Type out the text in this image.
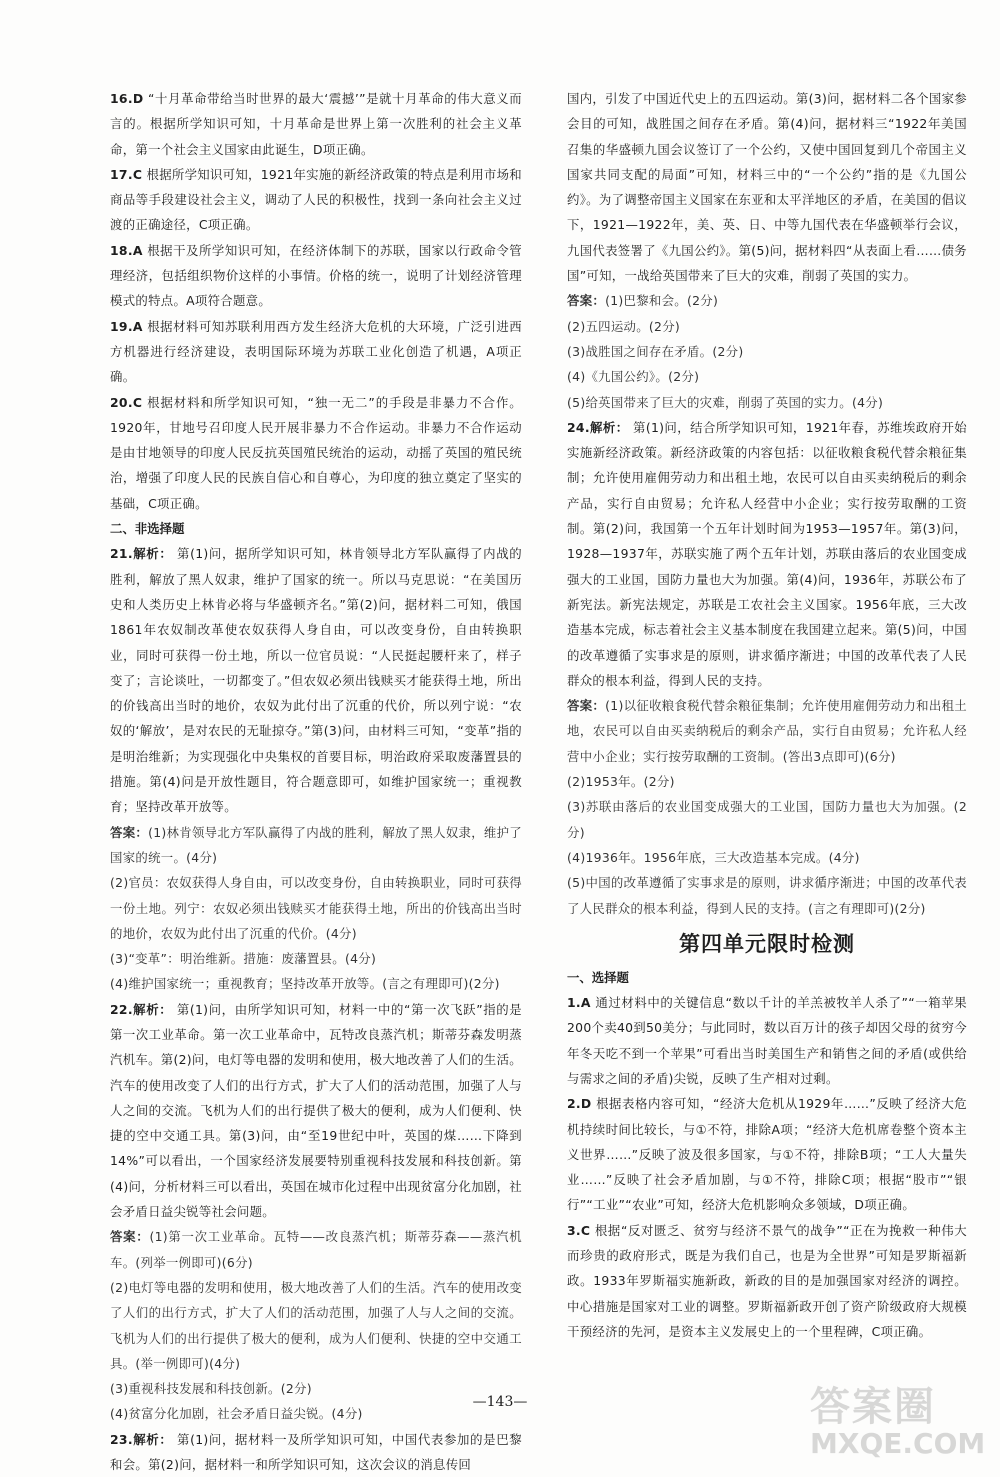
16.D “十月革命带给当时世界的最大‘震撼’”是就十月革命的伟大意义而言的。根据所学知识可知，十月革命是世界上第一次胜利的社会主义革命，第一个社会主义国家由此诞生，D项正确。

17.C 根据所学知识可知，1921年实施的新经济政策的特点是利用市场和商品等手段建设社会主义，调动了人民的积极性，找到一条向社会主义过渡的正确途径，C项正确。

18.A 根据干及所学知识可知，在经济体制下的苏联，国家以行政命令管理经济，包括组织物价这样的小事情。价格的统一，说明了计划经济管理模式的特点。A项符合题意。

19.A 根据材料可知苏联利用西方发生经济大危机的大环境，广泛引进西方机器进行经济建设，表明国际环境为苏联工业化创造了机遇，A项正确。

20.C 根据材料和所学知识可知，“独一无二”的手段是非暴力不合作。1920年，甘地号召印度人民开展非暴力不合作运动。非暴力不合作运动是由甘地领导的印度人民反抗英国殖民统治的运动，动摇了英国的殖民统治，增强了印度人民的民族自信心和自尊心，为印度的独立奠定了坚实的基础，C项正确。

二、非选择题

21.解析： 第(1)问，据所学知识可知，林肯领导北方军队赢得了内战的胜利，解放了黑人奴隶，维护了国家的统一。所以马克思说：“在美国历史和人类历史上林肯必将与华盛顿齐名。”第(2)问，据材料二可知，俄国1861年农奴制改革使农奴获得人身自由，可以改变身份，自由转换职业，同时可获得一份土地，所以一位官员说：“人民挺起腰杆来了，样子变了；言论谈吐，一切都变了。”但农奴必须出钱赎买才能获得土地，所出的价钱高出当时的地价，农奴为此付出了沉重的代价，所以列宁说：“农奴的‘解放’，是对农民的无耻掠夺。”第(3)问，由材料三可知，“变革”指的是明治维新；为实现强化中央集权的首要目标，明治政府采取废藩置县的措施。第(4)问是开放性题目，符合题意即可，如维护国家统一；重视教育；坚持改革开放等。

答案：(1)林肯领导北方军队赢得了内战的胜利，解放了黑人奴隶，维护了国家的统一。(4分)

(2)官员：农奴获得人身自由，可以改变身份，自由转换职业，同时可获得一份土地。列宁：农奴必须出钱赎买才能获得土地，所出的价钱高出当时的地价，农奴为此付出了沉重的代价。(4分)

(3)“变革”：明治维新。措施：废藩置县。(4分)

(4)维护国家统一；重视教育；坚持改革开放等。(言之有理即可)(2分)

22.解析： 第(1)问，由所学知识可知，材料一中的“第一次飞跃”指的是第一次工业革命。第一次工业革命中，瓦特改良蒸汽机；斯蒂芬森发明蒸汽机车。第(2)问，电灯等电器的发明和使用，极大地改善了人们的生活。汽车的使用改变了人们的出行方式，扩大了人们的活动范围，加强了人与人之间的交流。飞机为人们的出行提供了极大的便利，成为人们便利、快捷的空中交通工具。第(3)问，由“至19世纪中叶，英国的煤……下降到14%”可以看出，一个国家经济发展要特别重视科技发展和科技创新。第(4)问，分析材料三可以看出，英国在城市化过程中出现贫富分化加剧，社会矛盾日益尖锐等社会问题。

答案：(1)第一次工业革命。瓦特——改良蒸汽机；斯蒂芬森——蒸汽机车。(列举一例即可)(6分)

(2)电灯等电器的发明和使用，极大地改善了人们的生活。汽车的使用改变了人们的出行方式，扩大了人们的活动范围，加强了人与人之间的交流。飞机为人们的出行提供了极大的便利，成为人们便利、快捷的空中交通工具。(举一例即可)(4分)

(3)重视科技发展和科技创新。(2分)

(4)贫富分化加剧，社会矛盾日益尖锐。(4分)

23.解析： 第(1)问，据材料一及所学知识可知，中国代表参加的是巴黎和会。第(2)问，据材料一和所学知识可知，这次会议的消息传回

国内，引发了中国近代史上的五四运动。第(3)问，据材料二各个国家参会目的可知，战胜国之间存在矛盾。第(4)问，据材料三“1922年美国召集的华盛顿九国会议签订了一个公约，又使中国回复到几个帝国主义国家共同支配的局面”可知，材料三中的“一个公约”指的是《九国公约》。为了调整帝国主义国家在东亚和太平洋地区的矛盾，在美国的倡议下，1921—1922年，美、英、日、中等九国代表在华盛顿举行会议，九国代表签署了《九国公约》。第(5)问，据材料四“从表面上看……债务国”可知，一战给英国带来了巨大的灾难，削弱了英国的实力。

答案：(1)巴黎和会。(2分)

(2)五四运动。(2分)

(3)战胜国之间存在矛盾。(2分)

(4)《九国公约》。(2分)

(5)给英国带来了巨大的灾难，削弱了英国的实力。(4分)

24.解析： 第(1)问，结合所学知识可知，1921年春，苏维埃政府开始实施新经济政策。新经济政策的内容包括：以征收粮食税代替余粮征集制；允许使用雇佣劳动力和出租土地，农民可以自由买卖纳税后的剩余产品，实行自由贸易；允许私人经营中小企业；实行按劳取酬的工资制。第(2)问，我国第一个五年计划时间为1953—1957年。第(3)问，1928—1937年，苏联实施了两个五年计划，苏联由落后的农业国变成强大的工业国，国防力量也大为加强。第(4)问，1936年，苏联公布了新宪法。新宪法规定，苏联是工农社会主义国家。1956年底，三大改造基本完成，标志着社会主义基本制度在我国建立起来。第(5)问，中国的改革遵循了实事求是的原则，讲求循序渐进；中国的改革代表了人民群众的根本利益，得到人民的支持。

答案：(1)以征收粮食税代替余粮征集制；允许使用雇佣劳动力和出租土地，农民可以自由买卖纳税后的剩余产品，实行自由贸易；允许私人经营中小企业；实行按劳取酬的工资制。(答出3点即可)(6分)

(2)1953年。(2分)

(3)苏联由落后的农业国变成强大的工业国，国防力量也大为加强。(2分)

(4)1936年。1956年底，三大改造基本完成。(4分)

(5)中国的改革遵循了实事求是的原则，讲求循序渐进；中国的改革代表了人民群众的根本利益，得到人民的支持。(言之有理即可)(2分)

第四单元限时检测

一、选择题

1.A 通过材料中的关键信息“数以千计的羊羔被牧羊人杀了”“一箱苹果200个卖40到50美分；与此同时，数以百万计的孩子却因父母的贫穷今年冬天吃不到一个苹果”可看出当时美国生产和销售之间的矛盾(或供给与需求之间的矛盾)尖锐，反映了生产相对过剩。

2.D 根据表格内容可知，“经济大危机从1929年……”反映了经济大危机持续时间比较长，与①不符，排除A项；“经济大危机席卷整个资本主义世界……”反映了波及很多国家，与①不符，排除B项；“工人大量失业……”反映了社会矛盾加剧，与①不符，排除C项；根据“股市”“银行”“工业”“农业”可知，经济大危机影响众多领域，D项正确。

3.C 根据“反对匮乏、贫穷与经济不景气的战争”“正在为挽救一种伟大而珍贵的政府形式，既是为我们自己，也是为全世界”可知是罗斯福新政。1933年罗斯福实施新政，新政的目的是加强国家对经济的调控。中心措施是国家对工业的调整。罗斯福新政开创了资产阶级政府大规模干预经济的先河，是资本主义发展史上的一个里程碑，C项正确。

—143—	答案圈
MXQE.COM
